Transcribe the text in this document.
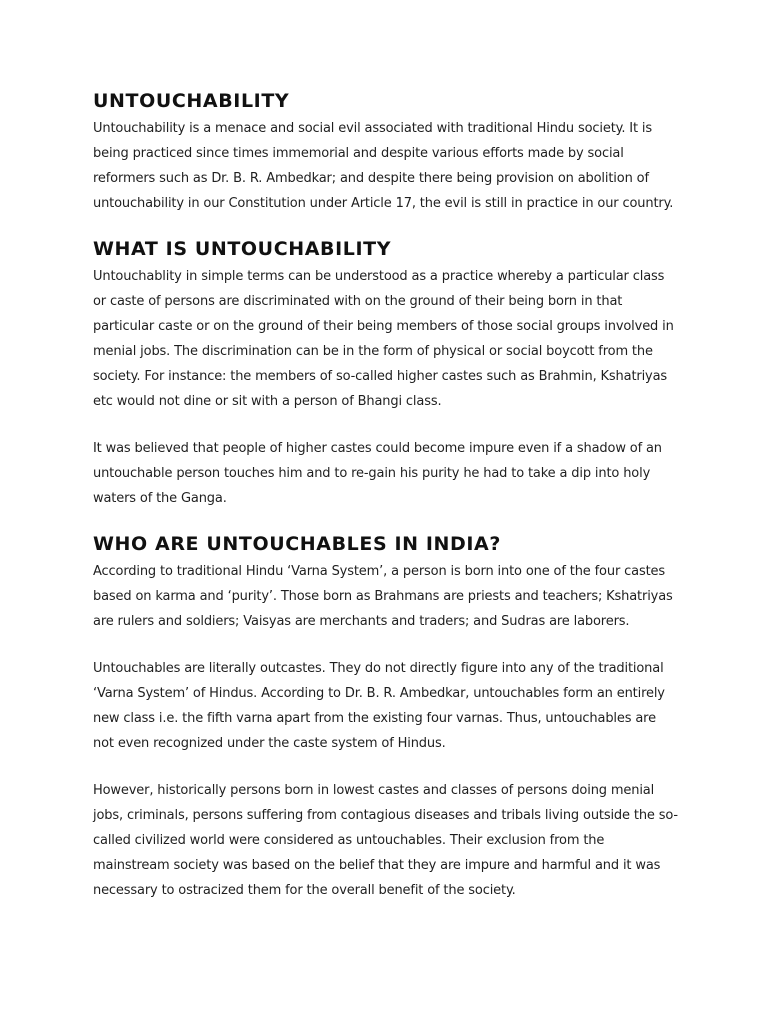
UNTOUCHABILITY

Untouchability is a menace and social evil associated with traditional Hindu society. It is being practiced since times immemorial and despite various efforts made by social reformers such as Dr. B. R. Ambedkar; and despite there being provision on abolition of untouchability in our Constitution under Article 17, the evil is still in practice in our country.

WHAT IS UNTOUCHABILITY

Untouchablity in simple terms can be understood as a practice whereby a particular class or caste of persons are discriminated with on the ground of their being born in that particular caste or on the ground of their being members of those social groups involved in menial jobs. The discrimination can be in the form of physical or social boycott from the society. For instance: the members of so-called higher castes such as Brahmin, Kshatriyas etc would not dine or sit with a person of Bhangi class.

It was believed that people of higher castes could become impure even if a shadow of an untouchable person touches him and to re-gain his purity he had to take a dip into holy waters of the Ganga.

WHO ARE UNTOUCHABLES IN INDIA?

According to traditional Hindu ‘Varna System’, a person is born into one of the four castes based on karma and ‘purity’. Those born as Brahmans are priests and teachers; Kshatriyas are rulers and soldiers; Vaisyas are merchants and traders; and Sudras are laborers.

Untouchables are literally outcastes. They do not directly figure into any of the traditional ‘Varna System’ of Hindus. According to Dr. B. R. Ambedkar, untouchables form an entirely new class i.e. the fifth varna apart from the existing four varnas. Thus, untouchables are not even recognized under the caste system of Hindus.

However, historically persons born in lowest castes and classes of persons doing menial jobs, criminals, persons suffering from contagious diseases and tribals living outside the so-called civilized world were considered as untouchables. Their exclusion from the mainstream society was based on the belief that they are impure and harmful and it was necessary to ostracized them for the overall benefit of the society.
